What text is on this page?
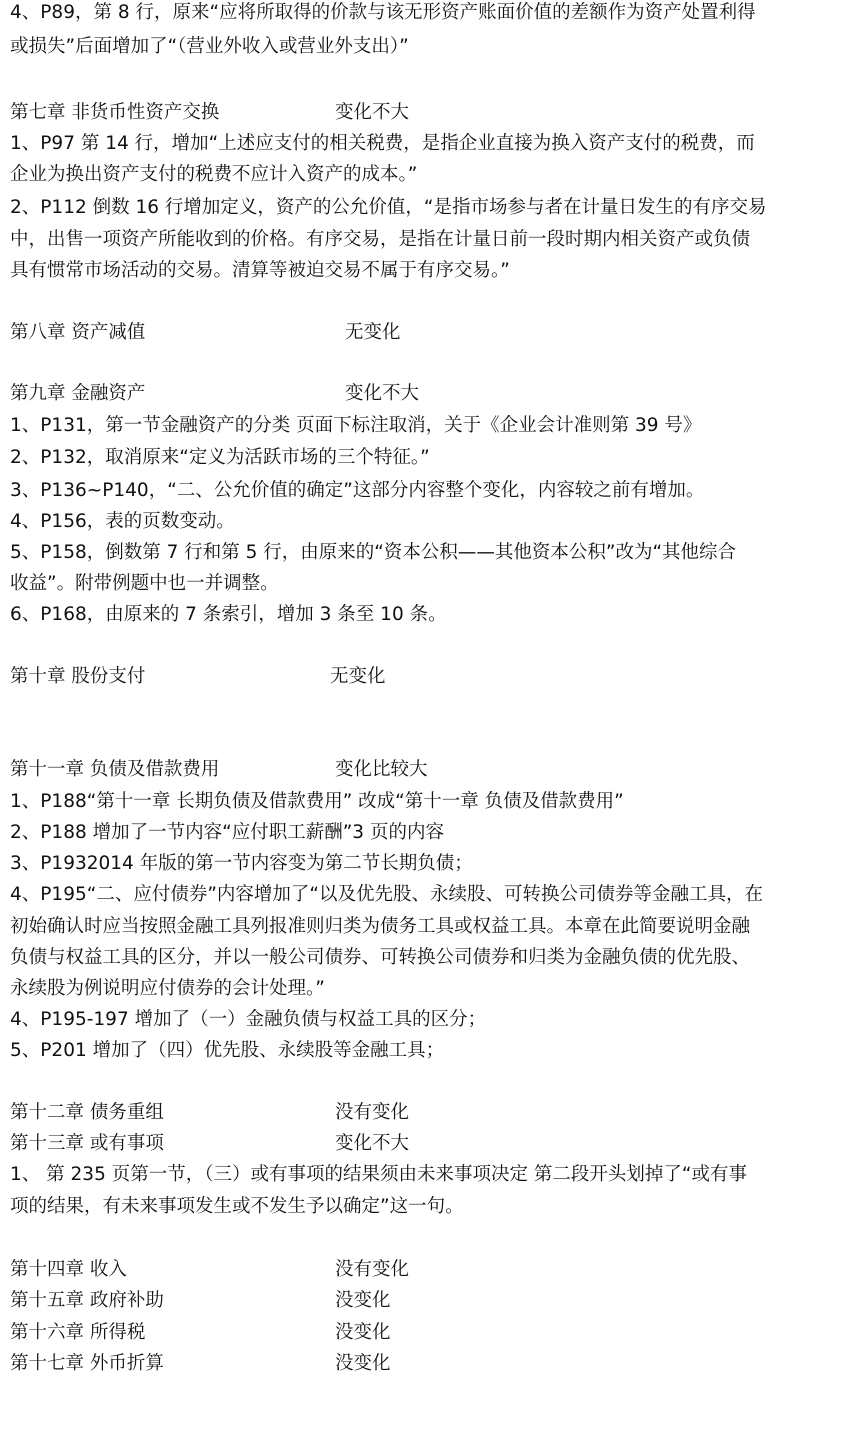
4、P89，第 8 行，原来“应将所取得的价款与该无形资产账面价值的差额作为资产处置利得
或损失”后面增加了“（营业外收入或营业外支出）”
第七章 非货币性资产交换	变化不大
1、P97 第 14 行，增加“上述应支付的相关税费，是指企业直接为换入资产支付的税费，而
企业为换出资产支付的税费不应计入资产的成本。”
2、P112 倒数 16 行增加定义，资产的公允价值，“是指市场参与者在计量日发生的有序交易
中，出售一项资产所能收到的价格。有序交易，是指在计量日前一段时期内相关资产或负债
具有惯常市场活动的交易。清算等被迫交易不属于有序交易。”
第八章 资产减值	无变化
第九章 金融资产	变化不大
1、P131，第一节金融资产的分类 页面下标注取消，关于《企业会计准则第 39 号》
2、P132，取消原来“定义为活跃市场的三个特征。”
3、P136~P140，“二、公允价值的确定”这部分内容整个变化，内容较之前有增加。
4、P156，表的页数变动。
5、P158，倒数第 7 行和第 5 行，由原来的“资本公积——其他资本公积”改为“其他综合
收益”。附带例题中也一并调整。
6、P168，由原来的 7 条索引，增加 3 条至 10 条。
第十章 股份支付	无变化
第十一章 负债及借款费用	变化比较大
1、P188“第十一章 长期负债及借款费用” 改成“第十一章 负债及借款费用”
2、P188 增加了一节内容“应付职工薪酬”3 页的内容
3、P1932014 年版的第一节内容变为第二节长期负债；
4、P195“二、应付债券”内容增加了“以及优先股、永续股、可转换公司债券等金融工具，在
初始确认时应当按照金融工具列报准则归类为债务工具或权益工具。本章在此简要说明金融
负债与权益工具的区分，并以一般公司债券、可转换公司债券和归类为金融负债的优先股、
永续股为例说明应付债券的会计处理。”
4、P195-197 增加了（一）金融负债与权益工具的区分；
5、P201 增加了（四）优先股、永续股等金融工具；
第十二章 债务重组	没有变化
第十三章 或有事项	变化不大
1、 第 235 页第一节，（三）或有事项的结果须由未来事项决定 第二段开头划掉了“或有事
项的结果，有未来事项发生或不发生予以确定”这一句。
第十四章 收入	没有变化
第十五章 政府补助	没变化
第十六章 所得税	没变化
第十七章 外币折算	没变化
